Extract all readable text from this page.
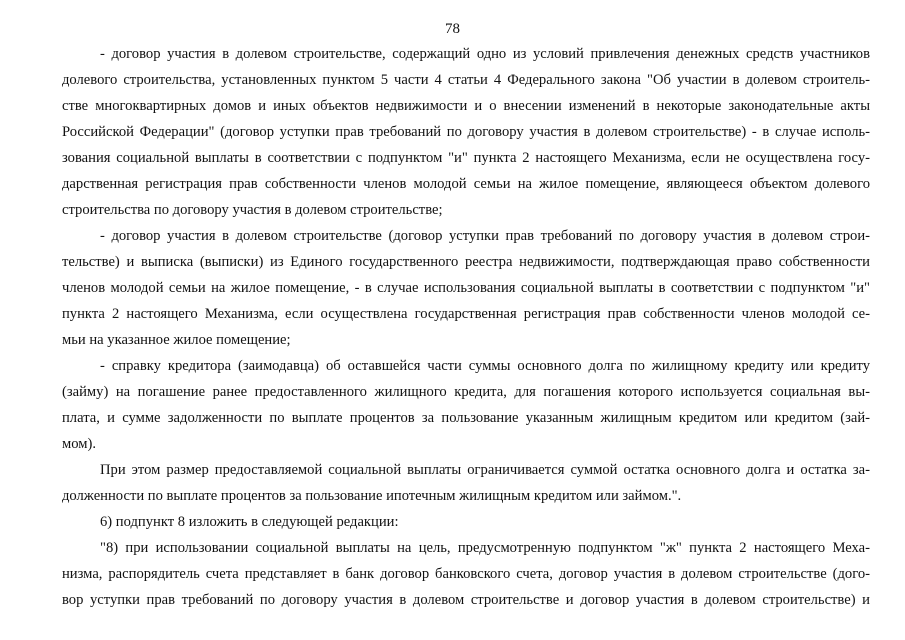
78
- договор участия в долевом строительстве, содержащий одно из условий привлечения денежных средств участников
долевого строительства, установленных пунктом 5 части 4 статьи 4 Федерального закона "Об участии в долевом строитель-
стве многоквартирных домов и иных объектов недвижимости и о внесении изменений в некоторые законодательные акты
Российской Федерации" (договор уступки прав требований по договору участия в долевом строительстве) - в случае исполь-
зования социальной выплаты в соответствии с подпунктом "и" пункта 2 настоящего Механизма, если не осуществлена госу-
дарственная регистрация прав собственности членов молодой семьи на жилое помещение, являющееся объектом долевого
строительства по договору участия в долевом строительстве;
- договор участия в долевом строительстве (договор уступки прав требований по договору участия в долевом строи-
тельстве) и выписка (выписки) из Единого государственного реестра недвижимости, подтверждающая право собственности
членов молодой семьи на жилое помещение, - в случае использования социальной выплаты в соответствии с подпунктом "и"
пункта 2 настоящего Механизма, если осуществлена государственная регистрация прав собственности членов молодой се-
мьи на указанное жилое помещение;
- справку кредитора (заимодавца) об оставшейся части суммы основного долга по жилищному кредиту или кредиту
(займу) на погашение ранее предоставленного жилищного кредита, для погашения которого используется социальная вы-
плата, и сумме задолженности по выплате процентов за пользование указанным жилищным кредитом или кредитом (зай-
мом).
При этом размер предоставляемой социальной выплаты ограничивается суммой остатка основного долга и остатка за-
долженности по выплате процентов за пользование ипотечным жилищным кредитом или займом.".
6) подпункт 8 изложить в следующей редакции:
"8) при использовании социальной выплаты на цель, предусмотренную подпунктом "ж" пункта 2 настоящего Меха-
низма, распорядитель счета представляет в банк договор банковского счета, договор участия в долевом строительстве (дого-
вор уступки прав требований по договору участия в долевом строительстве и договор участия в долевом строительстве) и
